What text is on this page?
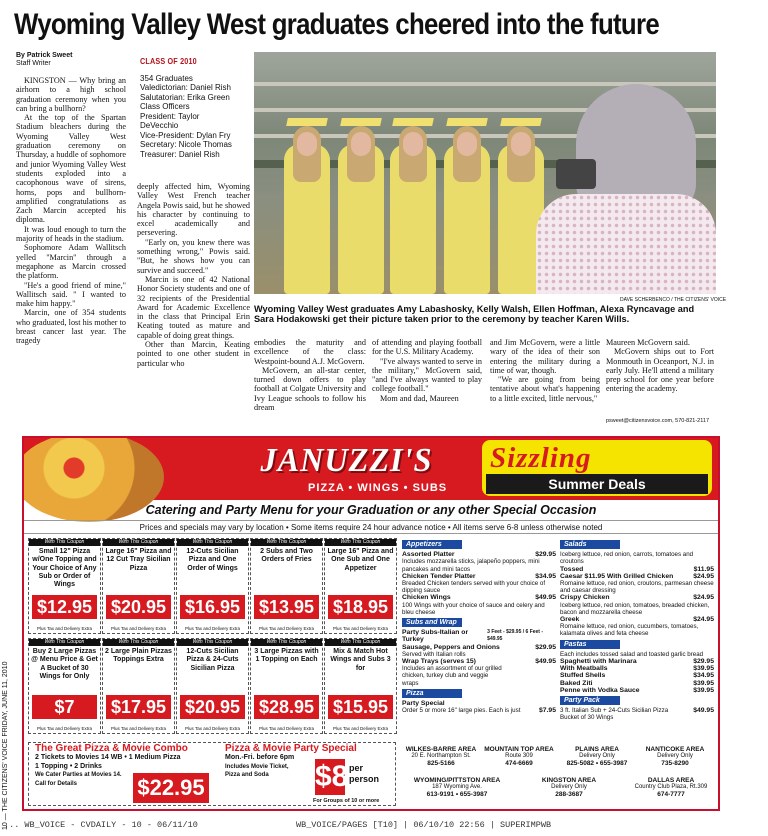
Wyoming Valley West graduates cheered into the future
By Patrick Sweet
Staff Writer

KINGSTON — Why bring an airhorn to a high school graduation ceremony when you can bring a bullhorn?

At the top of the Spartan Stadium bleachers during the Wyoming Valley West graduation ceremony on Thursday, a huddle of sophomore and junior Wyoming Valley West students exploded into a cacophonous wave of sirens, horns, pops and bullhorn-amplified congratulations as Zach Marcin accepted his diploma.

It was loud enough to turn the majority of heads in the stadium.

Sophomore Adam Wallitsch yelled "Marcin" through a megaphone as Marcin crossed the platform.

"He's a good friend of mine," Wallitsch said. " I wanted to make him happy."

Marcin, one of 354 students who graduated, lost his mother to breast cancer last year. The tragedy

CLASS OF 2010
354 Graduates
Valedictorian: Daniel Rish
Salutatorian: Erika Green
Class Officers
President: Taylor
DeVecchio
Vice-President: Dylan Fry
Secretary: Nicole Thomas
Treasurer: Daniel Rish

deeply affected him, Wyoming Valley West French teacher Angela Powis said, but he showed his character by continuing to excel academically and persevering.

"Early on, you knew there was something wrong," Powis said. "But, he shows how you can survive and succeed."

Marcin is one of 42 National Honor Society students and one of 32 recipients of the Presidential Award for Academic Excellence in the class that Principal Erin Keating touted as mature and capable of doing great things.

Other than Marcin, Keating pointed to one other student in particular who

DAVE SCHERBENCO / THE CITIZENS' VOICE
Wyoming Valley West graduates Amy Labashosky, Kelly Walsh, Ellen Hoffman, Alexa Ryncavage and Sara Hodakowski get their picture taken prior to the ceremony by teacher Karen Wills.

embodies the maturity and excellence of the class: Westpoint-bound A.J. McGovern.

McGovern, an all-star center, turned down offers to play football at Colgate University and Ivy League schools to follow his dream

of attending and playing football for the U.S. Military Academy.

"I've always wanted to serve in the military," McGovern said, "and I've always wanted to play college football."

Mom and dad, Maureen

and Jim McGovern, were a little wary of the idea of their son entering the military during a time of war, though.

"We are going from being tentative about what's happening to a little excited, little nervous,"

Maureen McGovern said.

McGovern ships out to Fort Monmouth in Oceanport, N.J. in early July. He'll attend a military prep school for one year before entering the academy.

psweet@citizensvoice.com, 570-821-2117
JANUZZI'S
PIZZA • WINGS • SUBS
Sizzling
Summer Deals
Catering and Party Menu for your Graduation or any other Special Occasion
Prices and specials may vary by location • Some items require 24 hour advance notice • All items serve 6-8 unless otherwise noted
With This Coupon
Small 12" Pizza w/One Topping and Your Choice of Any Sub or Order of Wings
$12.95
Plus Tax and Delivery Extra
With This Coupon
Large 16" Pizza and 12 Cut Tray Sicilian Pizza
$20.95
Plus Tax and Delivery Extra
With This Coupon
12-Cuts Sicilian Pizza and One Order of Wings
$16.95
Plus Tax and Delivery Extra
With This Coupon
2 Subs and Two Orders of Fries
$13.95
Plus Tax and Delivery Extra
With This Coupon
Large 16" Pizza and One Sub and One Appetizer
$18.95
Plus Tax and Delivery Extra
With This Coupon
Buy 2 Large Pizzas @ Menu Price & Get A Bucket of 30 Wings for Only
$7
Plus Tax and Delivery Extra
With This Coupon
2 Large Plain Pizzas Toppings Extra
$17.95
Plus Tax and Delivery Extra
With This Coupon
12-Cuts Sicilian Pizza & 24-Cuts Sicilian Pizza
$20.95
Plus Tax and Delivery Extra
With This Coupon
3 Large Pizzas with 1 Topping on Each
$28.95
Plus Tax and Delivery Extra
With This Coupon
Mix & Match Hot Wings and Subs 3 for
$15.95
Plus Tax and Delivery Extra
The Great Pizza & Movie Combo
2 Tickets to Movies 14 WB • 1 Medium Pizza
1 Topping • 2 Drinks
We Cater Parties at Movies 14.
Call for Details	$22.95
Pizza & Movie Party Special
Mon.-Fri. before 6pm
Includes Movie Ticket, Pizza and Soda	$8 per person
For Groups of 10 or more
Appetizers
Assorted Platter	$29.95
Includes mozzarella sticks, jalapeño poppers, mini pancakes and mini tacos
Chicken Tender Platter	$34.95
Breaded Chicken tenders served with your choice of dipping sauce
Chicken Wings	$49.95
100 Wings with your choice of sauce and celery and bleu cheese
Subs and Wrap
Party Subs-Italian or Turkey
3 Feet - $29.95 / 6 Feet - $49.95
Sausage, Peppers and Onions	$29.95
Served with Italian rolls
Wrap Trays (serves 15)	$49.95
Includes an assortment of our grilled chicken, turkey club and veggie wraps
Pizza
Party Special
Order 5 or more 16" large pies. Each is just	$7.95
Salads
Iceberg lettuce, red onion, carrots, tomatoes and croutons
Tossed	$11.95
Caesar $11.95 With Grilled Chicken	$24.95
Romaine lettuce, red onion, croutons, parmesan cheese and caesar dressing
Crispy Chicken	$24.95
Iceberg lettuce, red onion, tomatoes, breaded chicken, bacon and mozzarella cheese
Greek	$24.95
Romaine lettuce, red onion, cucumbers, tomatoes, kalamata olives and feta cheese
Pastas
Each includes tossed salad and toasted garlic bread
Spaghetti with Marinara	$29.95
With Meatballs	$39.95
Stuffed Shells	$34.95
Baked Ziti	$39.95
Penne with Vodka Sauce	$39.95
Party Pack
3 ft. Italian Sub + 24-Cuts Sicilian Pizza Bucket of 30 Wings
$49.95
WILKES-BARRE AREA
20 E. Northampton St.
825-5166
MOUNTAIN TOP AREA
Route 309
474-6669
PLAINS AREA
Delivery Only
825-5082 • 655-3987
NANTICOKE AREA
Delivery Only
735-8290
WYOMING/PITTSTON AREA
187 Wyoming Ave.
613-9191 • 655-3987
KINGSTON AREA
Delivery Only
288-3687
DALLAS AREA
Country Club Plaza, Rt.309
674-7777
10 — THE CITIZENS' VOICE FRIDAY, JUNE 11, 2010
... WB_VOICE - CVDAILY - 10 - 06/11/10	WB_VOICE/PAGES [T10] | 06/10/10 22:56 | SUPERIMPWB
